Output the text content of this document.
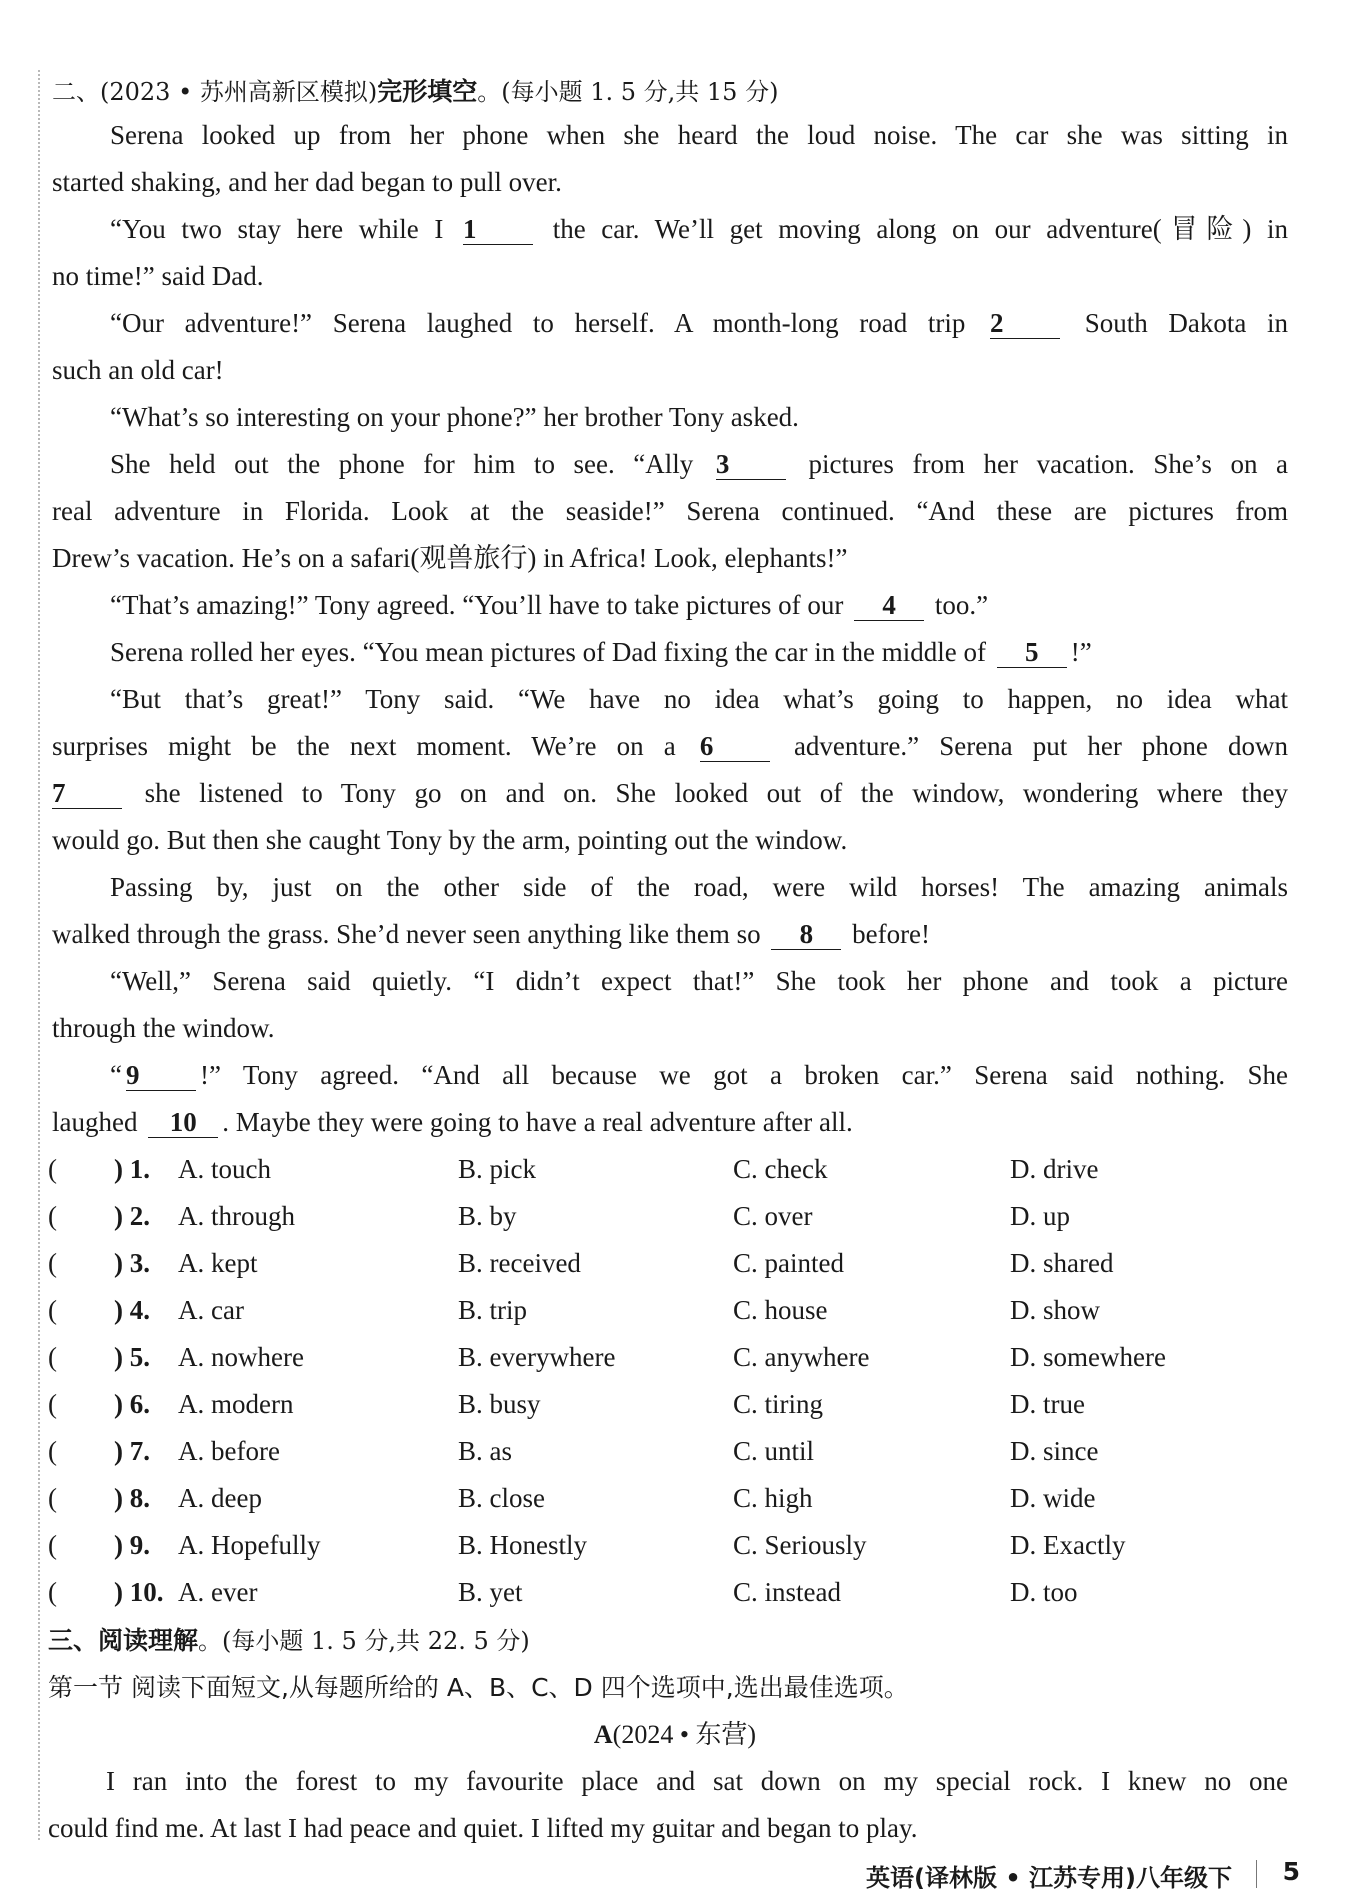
二、(2023 • 苏州高新区模拟)完形填空。(每小题 1. 5 分,共 15 分)
Serena looked up from her phone when she heard the loud noise. The car she was sitting in
started shaking, and her dad began to pull over.
“You two stay here while I 1	the car. We’ll get moving along on our adventure(冒险) in
no time!” said Dad.
“Our adventure!” Serena laughed to herself. A month-long road trip 2	South Dakota in
such an old car!
“What’s so interesting on your phone?” her brother Tony asked.
She held out the phone for him to see. “Ally 3	pictures from her vacation. She’s on a
real adventure in Florida. Look at the seaside!” Serena continued. “And these are pictures from
Drew’s vacation. He’s on a safari(观兽旅行) in Africa! Look, elephants!”
“That’s amazing!” Tony agreed. “You’ll have to take pictures of our 4 too.”
Serena rolled her eyes. “You mean pictures of Dad fixing the car in the middle of 5 !”
“But that’s great!” Tony said. “We have no idea what’s going to happen, no idea what
surprises might be the next moment. We’re on a 6	adventure.” Serena put her phone down
7	she listened to Tony go on and on. She looked out of the window, wondering where they
would go. But then she caught Tony by the arm, pointing out the window.
Passing by, just on the other side of the road, were wild horses! The amazing animals
walked through the grass. She’d never seen anything like them so 8 before!
“Well,” Serena said quietly. “I didn’t expect that!” She took her phone and took a picture
through the window.
“ 9 !” Tony agreed. “And all because we got a broken car.” Serena said nothing. She
laughed 10 . Maybe they were going to have a real adventure after all.
( ) 1. A. touch	B. pick	C. check	D. drive
( ) 2. A. through	B. by	C. over	D. up
( ) 3. A. kept	B. received	C. painted	D. shared
( ) 4. A. car	B. trip	C. house	D. show
( ) 5. A. nowhere	B. everywhere	C. anywhere	D. somewhere
( ) 6. A. modern	B. busy	C. tiring	D. true
( ) 7. A. before	B. as	C. until	D. since
( ) 8. A. deep	B. close	C. high	D. wide
( ) 9. A. Hopefully	B. Honestly	C. Seriously	D. Exactly
( ) 10. A. ever	B. yet	C. instead	D. too
三、阅读理解。(每小题 1. 5 分,共 22. 5 分)
第一节 阅读下面短文,从每题所给的 A、B、C、D 四个选项中,选出最佳选项。
A(2024 • 东营)
I ran into the forest to my favourite place and sat down on my special rock. I knew no one
could find me. At last I had peace and quiet. I lifted my guitar and began to play.
英语(译林版 • 江苏专用)八年级下 5
